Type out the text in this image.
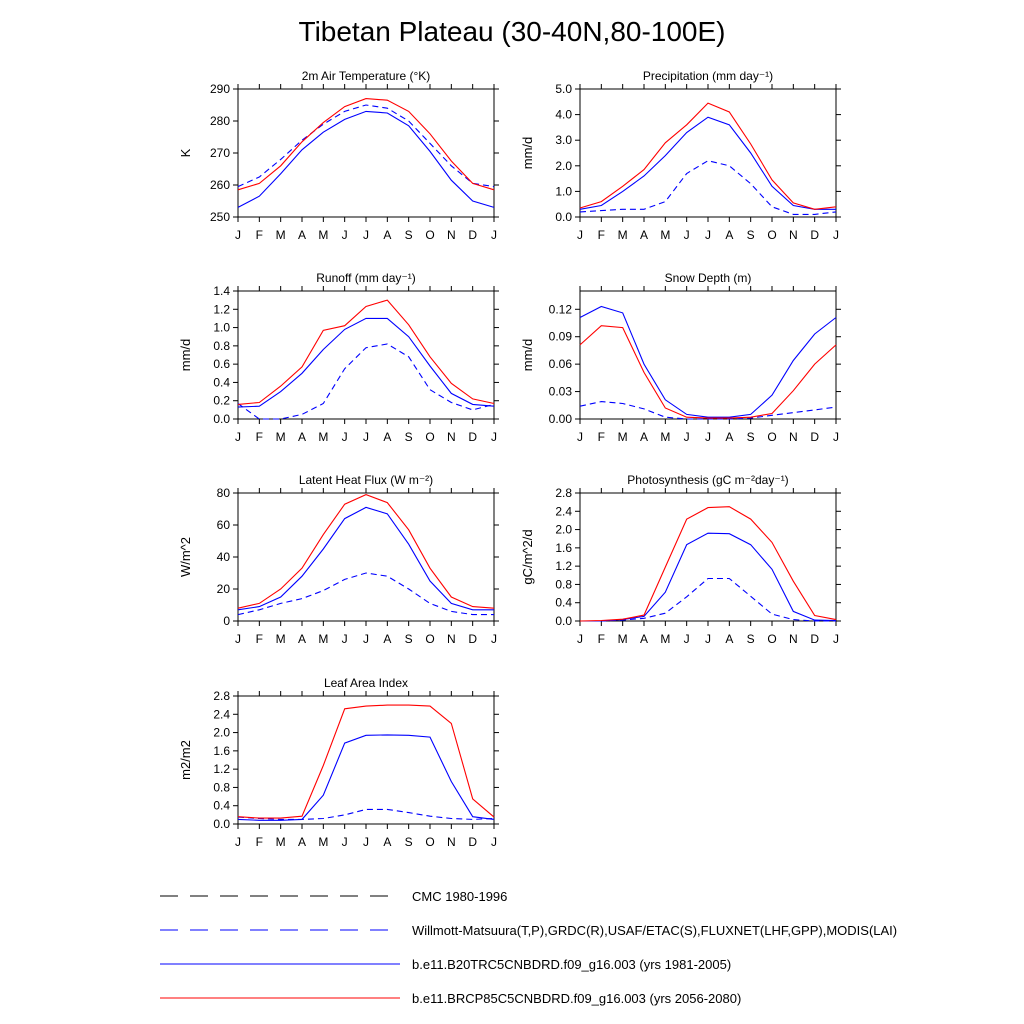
Tibetan Plateau (30-40N,80-100E)
2m Air Temperature (°K)
K
250
260
270
280
290
J F M A M J J A S O N D J
Precipitation (mm day⁻¹)
mm/d
0.0
1.0
2.0
3.0
4.0
5.0
J F M A M J J A S O N D J
Runoff (mm day⁻¹)
mm/d
0.0
0.2
0.4
0.6
0.8
1.0
1.2
1.4
J F M A M J J A S O N D J
Snow Depth (m)
mm/d
0.00
0.03
0.06
0.09
0.12
J F M A M J J A S O N D J
Latent Heat Flux (W m⁻²)
W/m^2
0
20
40
60
80
J F M A M J J A S O N D J
Photosynthesis (gC m⁻²day⁻¹)
gC/m^2/d
0.0
0.4
0.8
1.2
1.6
2.0
2.4
2.8
J F M A M J J A S O N D J
Leaf Area Index
m2/m2
0.0
0.4
0.8
1.2
1.6
2.0
2.4
2.8
J F M A M J J A S O N D J
CMC 1980-1996
Willmott-Matsuura(T,P),GRDC(R),USAF/ETAC(S),FLUXNET(LHF,GPP),MODIS(LAI)
b.e11.B20TRC5CNBDRD.f09_g16.003 (yrs 1981-2005)
b.e11.BRCP85C5CNBDRD.f09_g16.003 (yrs 2056-2080)
